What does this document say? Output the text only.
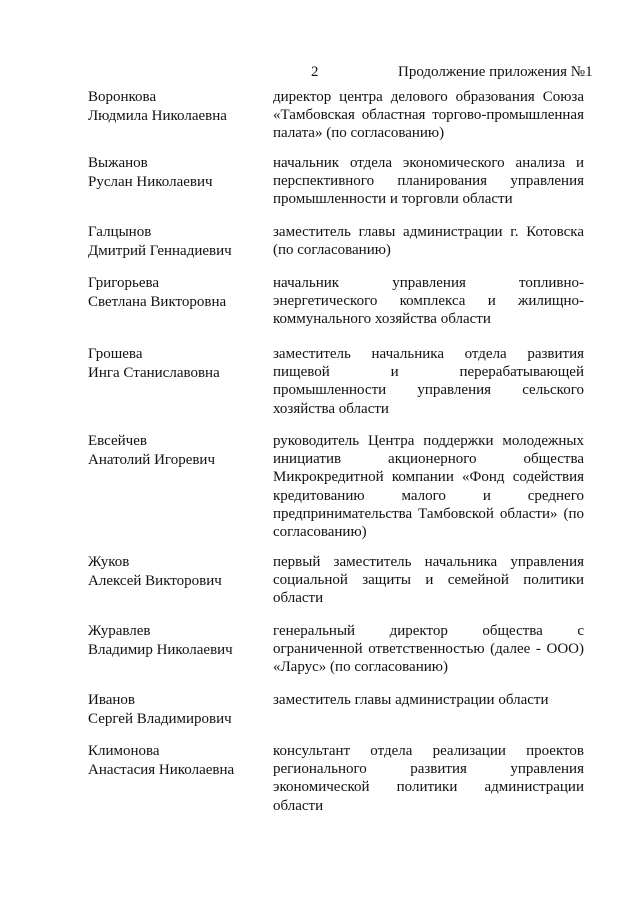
2	Продолжение приложения №1
Воронкова
Людмила Николаевна
директор центра делового образования Союза «Тамбовская областная торгово-промышленная палата» (по согласованию)
Выжанов
Руслан Николаевич
начальник отдела экономического анализа и перспективного планирования управления промышленности и торговли области
Галцынов
Дмитрий Геннадиевич
заместитель главы администрации г. Котовска (по согласованию)
Григорьева
Светлана Викторовна
начальник управления топливно-энергетического комплекса и жилищно-коммунального хозяйства области
Грошева
Инга Станиславовна
заместитель начальника отдела развития пищевой и перерабатывающей промышленности управления сельского хозяйства области
Евсейчев
Анатолий Игоревич
руководитель Центра поддержки молодежных инициатив акционерного общества Микрокредитной компании «Фонд содействия кредитованию малого и среднего предпринимательства Тамбовской области» (по согласованию)
Жуков
Алексей Викторович
первый заместитель начальника управления социальной защиты и семейной политики области
Журавлев
Владимир Николаевич
генеральный директор общества с ограниченной ответственностью (далее - ООО) «Ларус» (по согласованию)
Иванов
Сергей Владимирович
заместитель главы администрации области
Климонова
Анастасия Николаевна
консультант отдела реализации проектов регионального развития управления экономической политики администрации области
